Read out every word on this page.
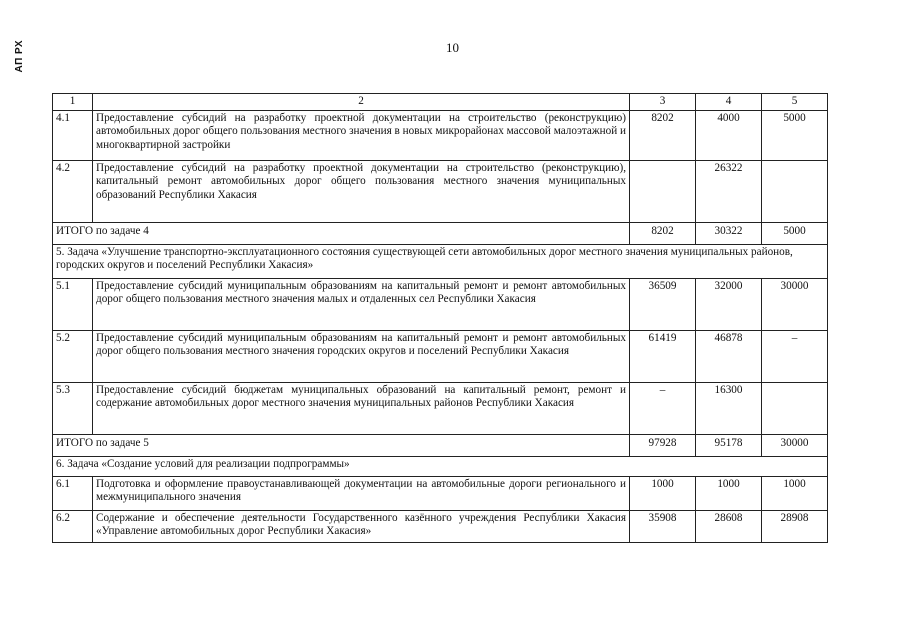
АП РХ	10
1	2	3	4	5
4.1	Предоставление субсидий на разработку проектной документации на строительство (реконструкцию) автомобильных дорог общего пользования местного значения в новых микрорайонах массовой малоэтажной и многоквартирной застройки	8202	4000	5000
4.2	Предоставление субсидий на разработку проектной документации на строительство (реконструкцию), капитальный ремонт автомобильных дорог общего пользования местного значения муниципальных образований Республики Хакасия		26322	
ИТОГО по задаче 4		8202	30322	5000
5. Задача «Улучшение транспортно-эксплуатационного состояния существующей сети автомобильных дорог местного значения муниципальных районов, городских округов и поселений Республики Хакасия»				
5.1	Предоставление субсидий муниципальным образованиям на капитальный ремонт и ремонт автомобильных дорог общего пользования местного значения малых и отдаленных сел Республики Хакасия	36509	32000	30000
5.2	Предоставление субсидий муниципальным образованиям на капитальный ремонт и ремонт автомобильных дорог общего пользования местного значения городских округов и поселений Республики Хакасия	61419	46878	–
5.3	Предоставление субсидий бюджетам муниципальных образований на капитальный ремонт, ремонт и содержание автомобильных дорог местного значения муниципальных районов Республики Хакасия	–	16300	
ИТОГО по задаче 5		97928	95178	30000
6. Задача «Создание условий для реализации подпрограммы»				
6.1	Подготовка и оформление правоустанавливающей документации на автомобильные дороги регионального и межмуниципального значения	1000	1000	1000
6.2	Содержание и обеспечение деятельности Государственного казённого учреждения Республики Хакасия «Управление автомобильных дорог Республики Хакасия»	35908	28608	28908
